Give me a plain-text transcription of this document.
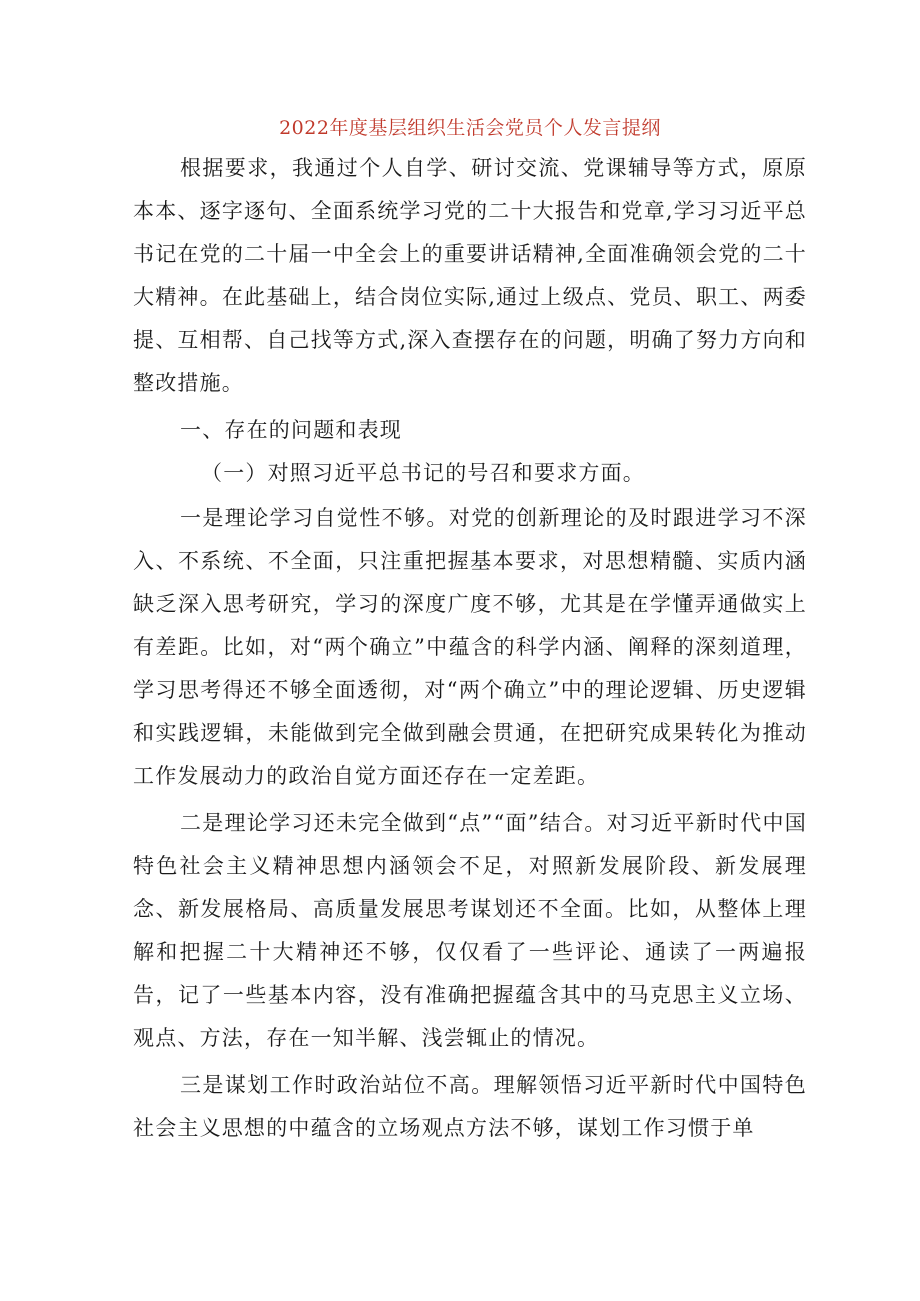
2022年度基层组织生活会党员个人发言提纲

根据要求，我通过个人自学、研讨交流、党课辅导等方式，原原本本、逐字逐句、全面系统学习党的二十大报告和党章,学习习近平总书记在党的二十届一中全会上的重要讲话精神,全面准确领会党的二十大精神。在此基础上，结合岗位实际,通过上级点、党员、职工、两委提、互相帮、自己找等方式,深入查摆存在的问题，明确了努力方向和整改措施。

一、存在的问题和表现

（一）对照习近平总书记的号召和要求方面。

一是理论学习自觉性不够。对党的创新理论的及时跟进学习不深入、不系统、不全面，只注重把握基本要求，对思想精髓、实质内涵缺乏深入思考研究，学习的深度广度不够，尤其是在学懂弄通做实上有差距。比如，对“两个确立”中蕴含的科学内涵、阐释的深刻道理，学习思考得还不够全面透彻，对“两个确立”中的理论逻辑、历史逻辑和实践逻辑，未能做到完全做到融会贯通，在把研究成果转化为推动工作发展动力的政治自觉方面还存在一定差距。

二是理论学习还未完全做到“点”“面”结合。对习近平新时代中国特色社会主义精神思想内涵领会不足，对照新发展阶段、新发展理念、新发展格局、高质量发展思考谋划还不全面。比如，从整体上理解和把握二十大精神还不够，仅仅看了一些评论、通读了一两遍报告，记了一些基本内容，没有准确把握蕴含其中的马克思主义立场、观点、方法，存在一知半解、浅尝辄止的情况。

三是谋划工作时政治站位不高。理解领悟习近平新时代中国特色社会主义思想的中蕴含的立场观点方法不够，谋划工作习惯于单
